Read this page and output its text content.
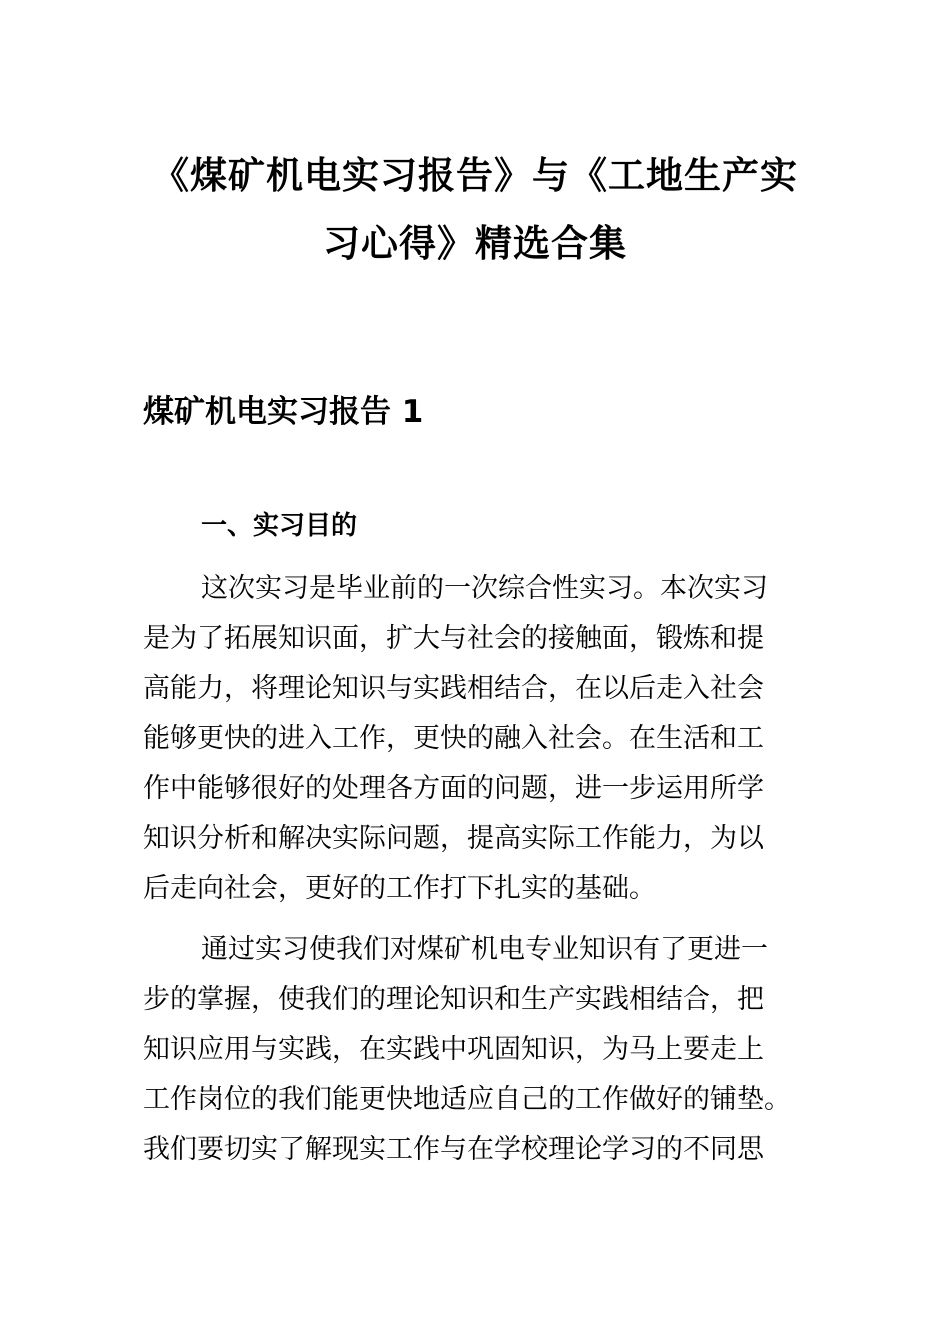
《煤矿机电实习报告》与《工地生产实
习心得》精选合集
煤矿机电实习报告 1
一、实习目的
这次实习是毕业前的一次综合性实习。本次实习
是为了拓展知识面，扩大与社会的接触面，锻炼和提
高能力，将理论知识与实践相结合，在以后走入社会
能够更快的进入工作，更快的融入社会。在生活和工
作中能够很好的处理各方面的问题，进一步运用所学
知识分析和解决实际问题，提高实际工作能力，为以
后走向社会，更好的工作打下扎实的基础。
通过实习使我们对煤矿机电专业知识有了更进一
步的掌握，使我们的理论知识和生产实践相结合，把
知识应用与实践，在实践中巩固知识，为马上要走上
工作岗位的我们能更快地适应自己的工作做好的铺垫。
我们要切实了解现实工作与在学校理论学习的不同思
